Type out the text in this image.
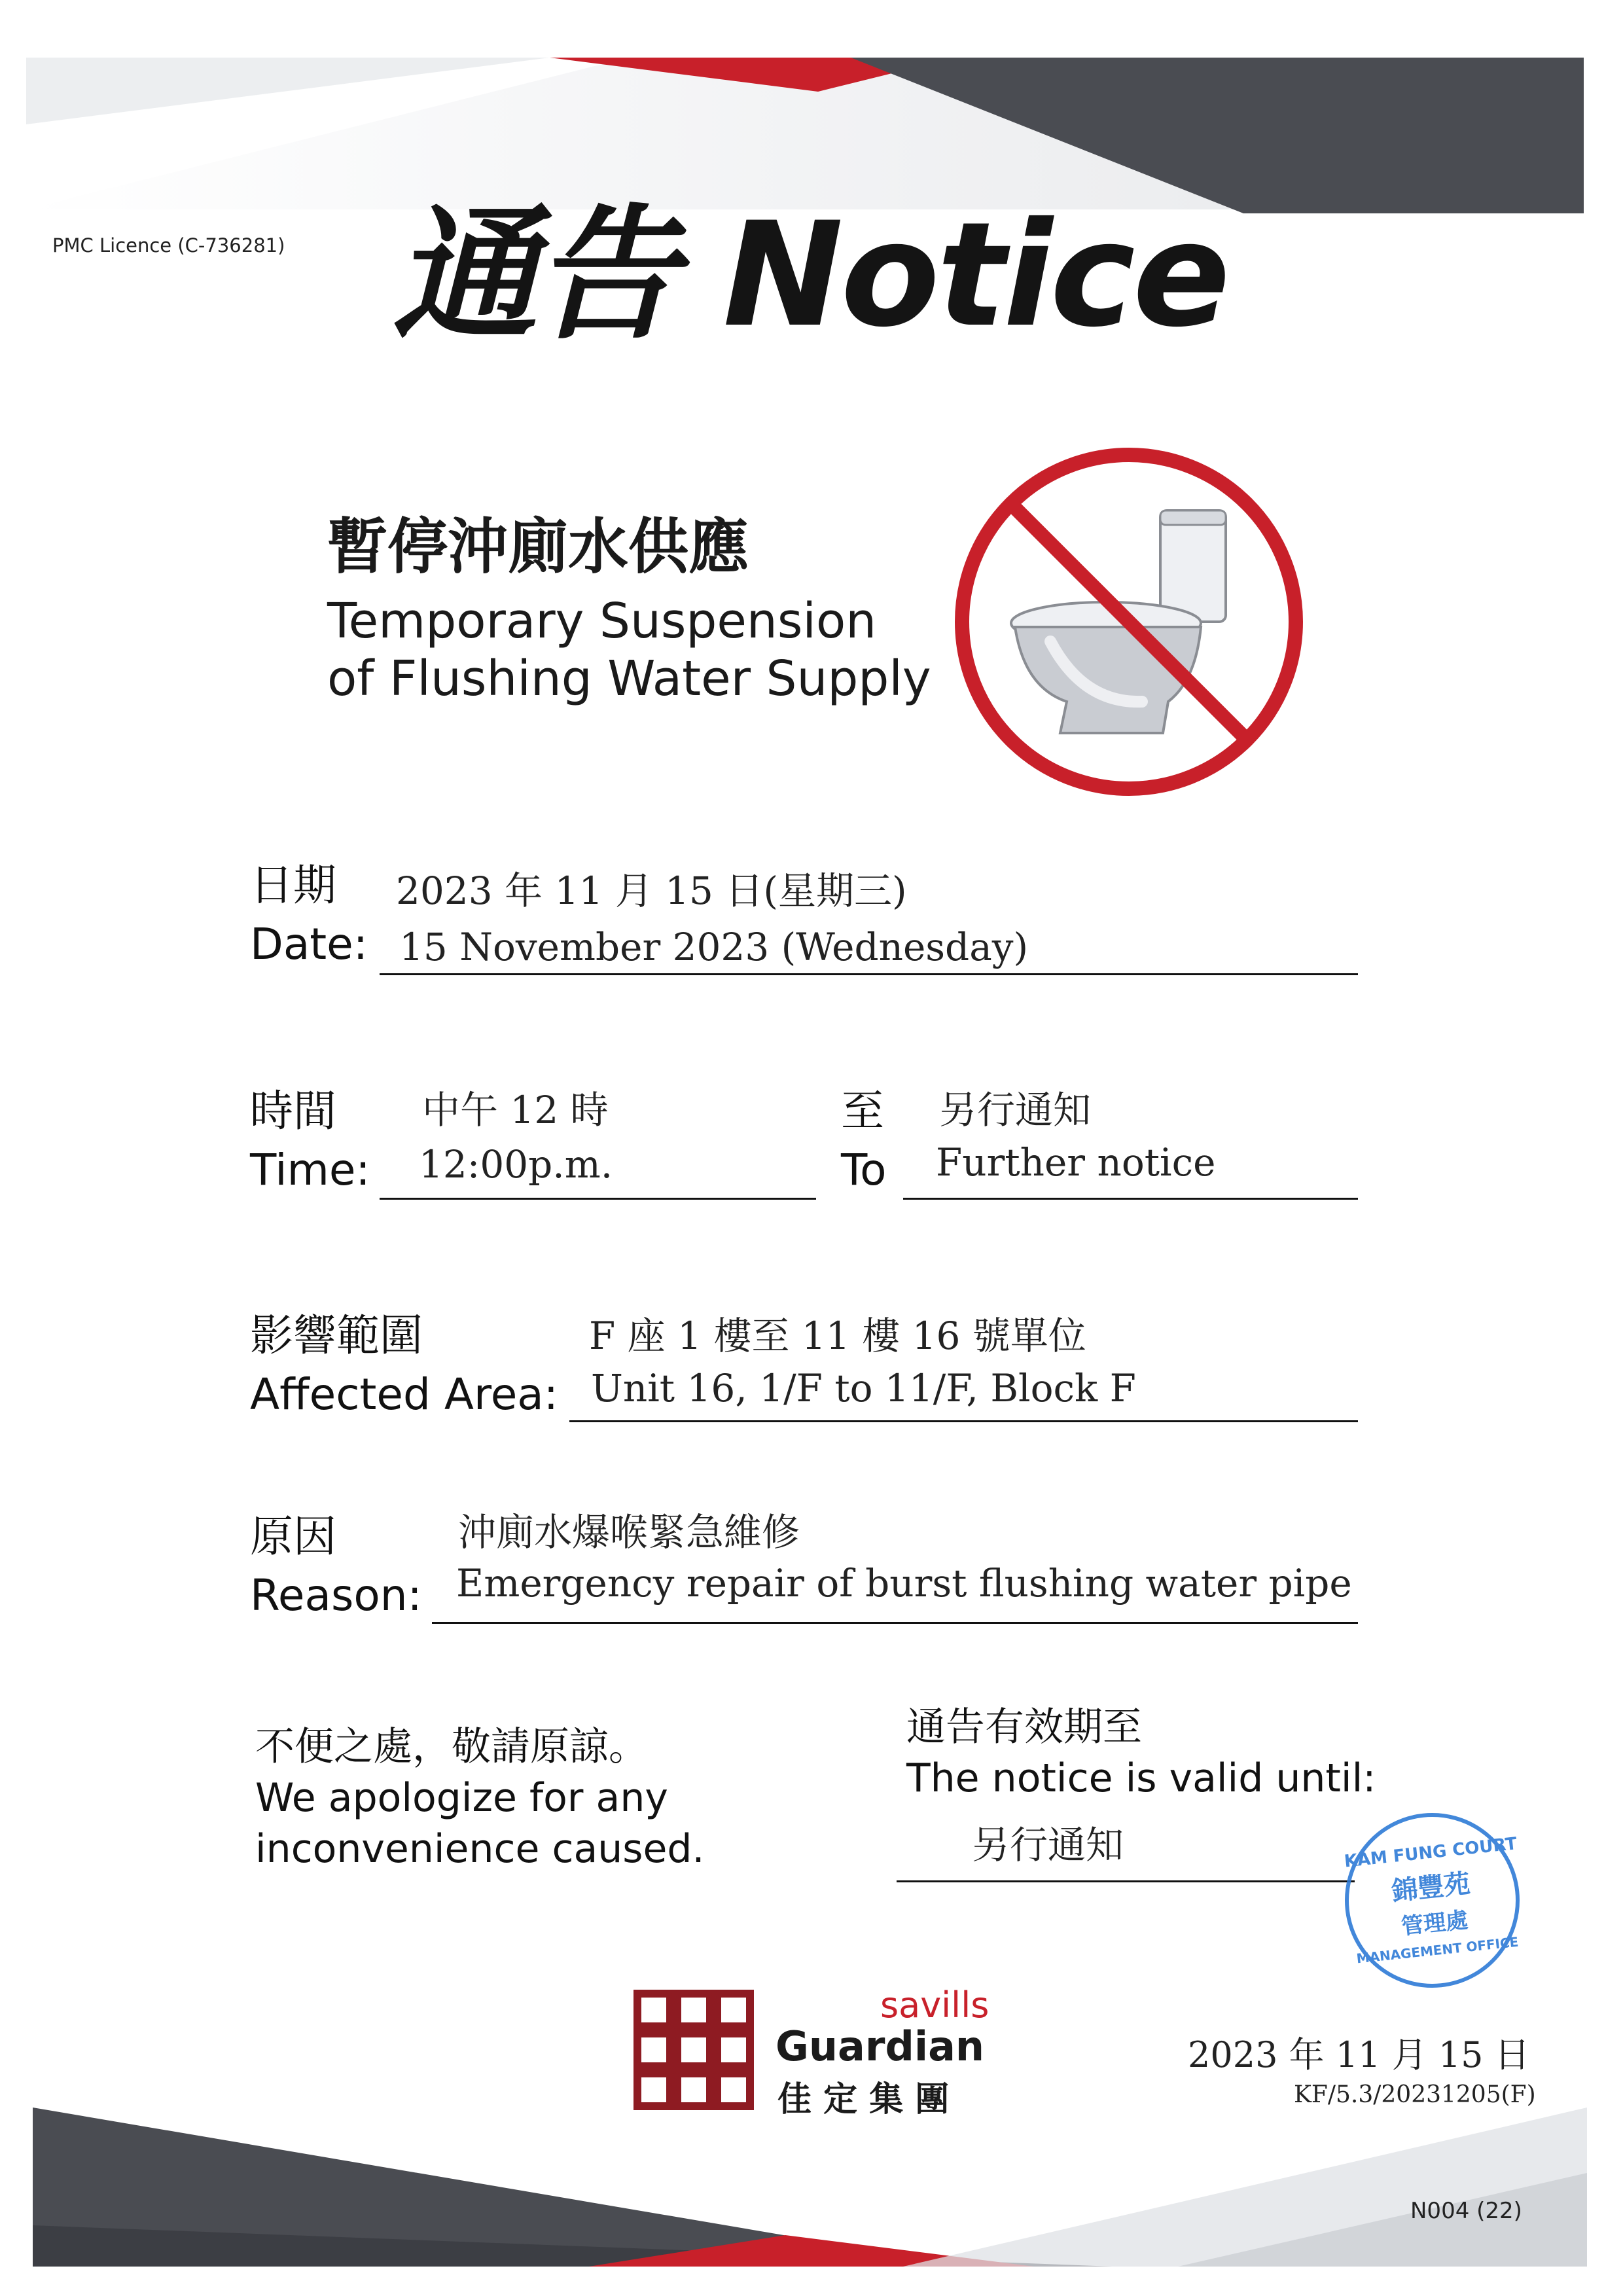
PMC Licence (C-736281) 通告 Notice
暫停沖廁水供應
Temporary Suspension
of Flushing Water Supply
日期
Date:
2023 年 11 月 15 日(星期三)
15 November 2023 (Wednesday)
時間
Time:
中午 12 時
12:00p.m.
至
To
另行通知
Further notice
影響範圍
Affected Area:
F 座 1 樓至 11 樓 16 號單位
Unit 16, 1/F to 11/F, Block F
原因
Reason:
沖廁水爆喉緊急維修
Emergency repair of burst flushing water pipe
不便之處，敬請原諒。
We apologize for any
inconvenience caused.
通告有效期至
The notice is valid until:
另行通知	KAM FUNG COURT
錦豐苑
管理處
MANAGEMENT OFFICE
savills
Guardian
佳 定 集 團
2023 年 11 月 15 日
KF/5.3/20231205(F)
N004 (22)
